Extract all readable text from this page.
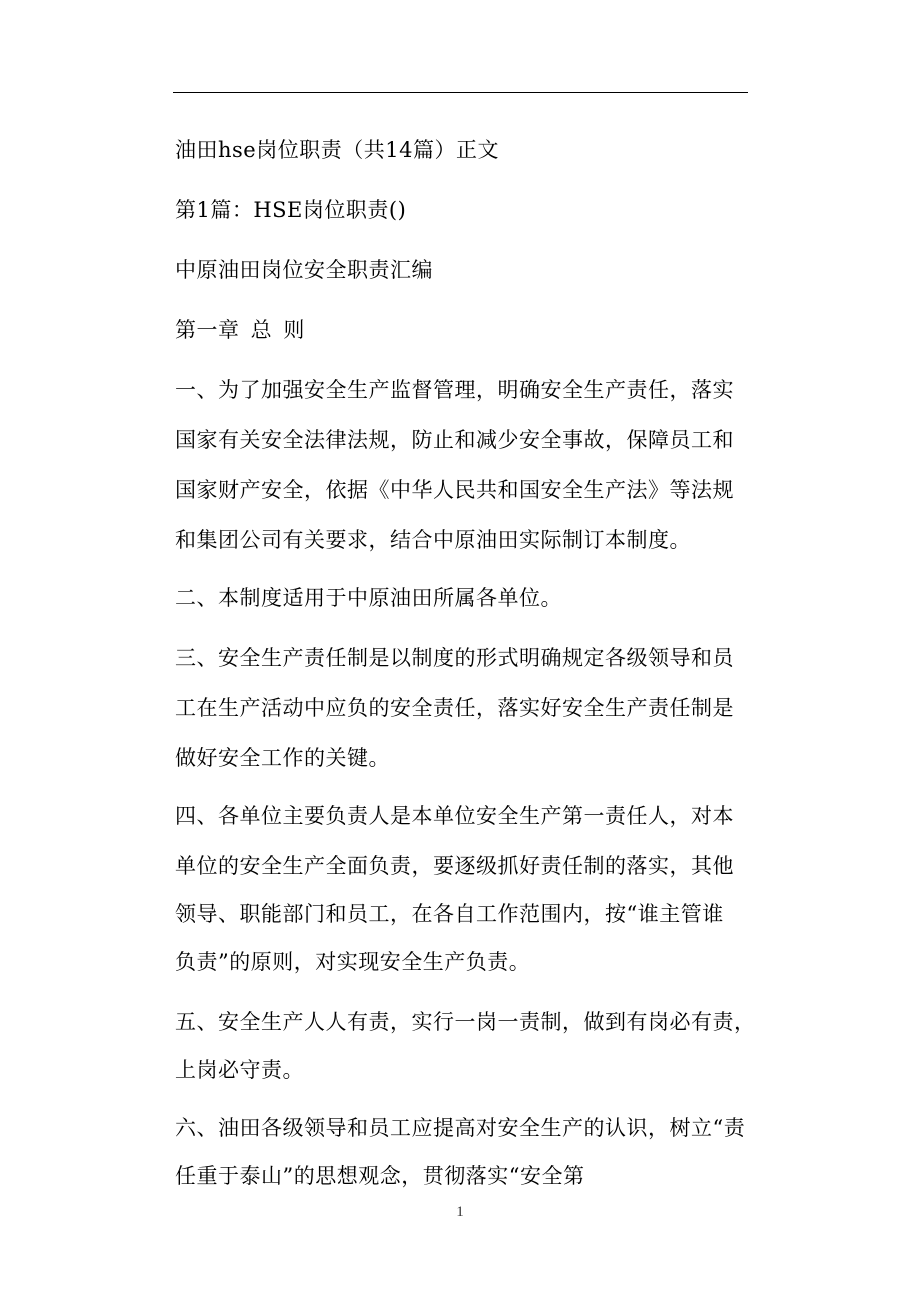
油田hse岗位职责（共14篇）正文

第1篇：HSE岗位职责()

中原油田岗位安全职责汇编

第一章 总 则

一、为了加强安全生产监督管理，明确安全生产责任，落实

国家有关安全法律法规，防止和减少安全事故，保障员工和

国家财产安全，依据《中华人民共和国安全生产法》等法规

和集团公司有关要求，结合中原油田实际制订本制度。

二、本制度适用于中原油田所属各单位。

三、安全生产责任制是以制度的形式明确规定各级领导和员

工在生产活动中应负的安全责任，落实好安全生产责任制是

做好安全工作的关键。

四、各单位主要负责人是本单位安全生产第一责任人，对本

单位的安全生产全面负责，要逐级抓好责任制的落实，其他

领导、职能部门和员工，在各自工作范围内，按“谁主管谁

负责”的原则，对实现安全生产负责。

五、安全生产人人有责，实行一岗一责制，做到有岗必有责，

上岗必守责。

六、油田各级领导和员工应提高对安全生产的认识，树立“责

任重于泰山”的思想观念，贯彻落实“安全第

1
